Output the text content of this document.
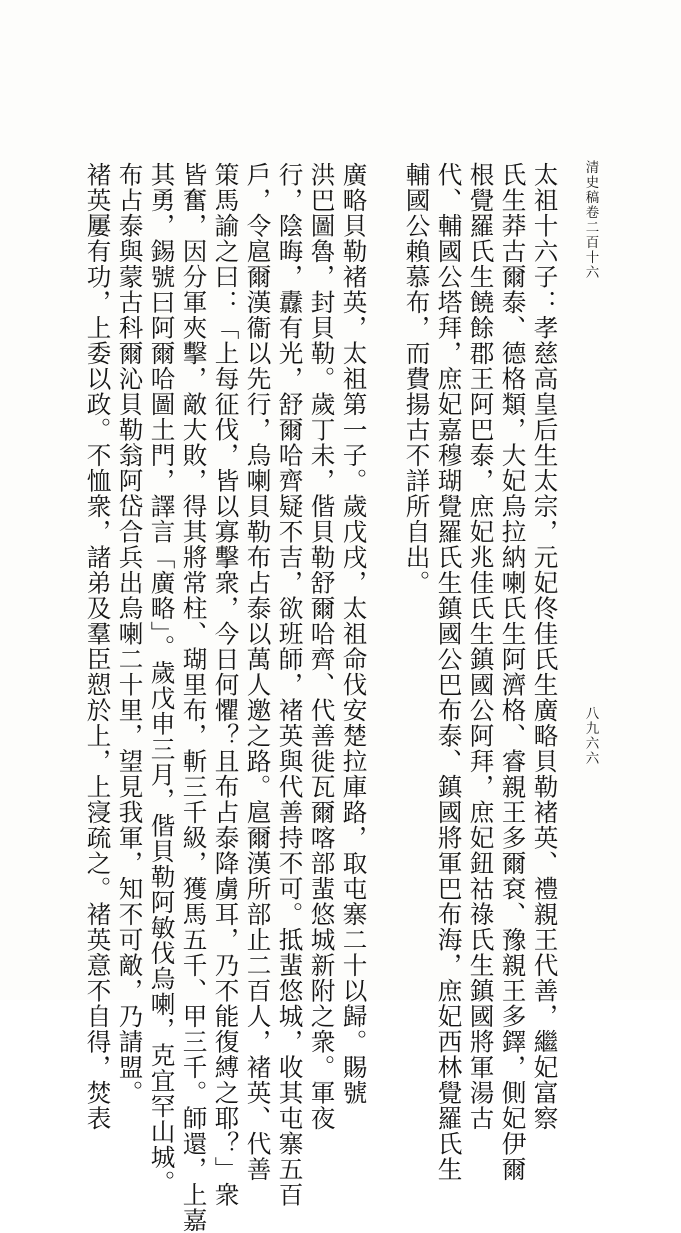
清史稿卷二百十六
八九六六
太祖十六子：孝慈高皇后生太宗，元妃佟佳氏生廣略貝勒褚英、禮親王代善，繼妃富察
氏生莽古爾泰、德格類，大妃烏拉納喇氏生阿濟格、睿親王多爾袞、豫親王多鐸，側妃伊爾
根覺羅氏生饒餘郡王阿巴泰，庶妃兆佳氏生鎮國公阿拜，庶妃鈕祜祿氏生鎮國將軍湯古
代、輔國公塔拜，庶妃嘉穆瑚覺羅氏生鎮國公巴布泰、鎮國將軍巴布海，庶妃西林覺羅氏生
輔國公賴慕布，而費揚古不詳所自出。
廣略貝勒褚英，太祖第一子。歲戊戌，太祖命伐安楚拉庫路，取屯寨二十以歸。賜號
洪巴圖魯，封貝勒。歲丁未，偕貝勒舒爾哈齊、代善徙瓦爾喀部蜚悠城新附之衆。軍夜
行，陰晦，纛有光，舒爾哈齊疑不吉，欲班師，褚英與代善持不可。抵蜚悠城，收其屯寨五百
戶，令扈爾漢衞以先行，烏喇貝勒布占泰以萬人邀之路。扈爾漢所部止二百人，褚英、代善
策馬諭之曰：「上每征伐，皆以寡擊衆，今日何懼？且布占泰降虜耳，乃不能復縛之耶？」衆
皆奮，因分軍夾擊，敵大敗，得其將常柱、瑚里布，斬三千級，獲馬五千、甲三千。師還，上嘉
其勇，錫號曰阿爾哈圖土門，譯言「廣略」。歲戊申三月，偕貝勒阿敏伐烏喇，克宜罕山城。
布占泰與蒙古科爾沁貝勒翁阿岱合兵出烏喇二十里，望見我軍，知不可敵，乃請盟。
褚英屢有功，上委以政。不恤衆，諸弟及羣臣愬於上，上寖疏之。褚英意不自得，焚表
